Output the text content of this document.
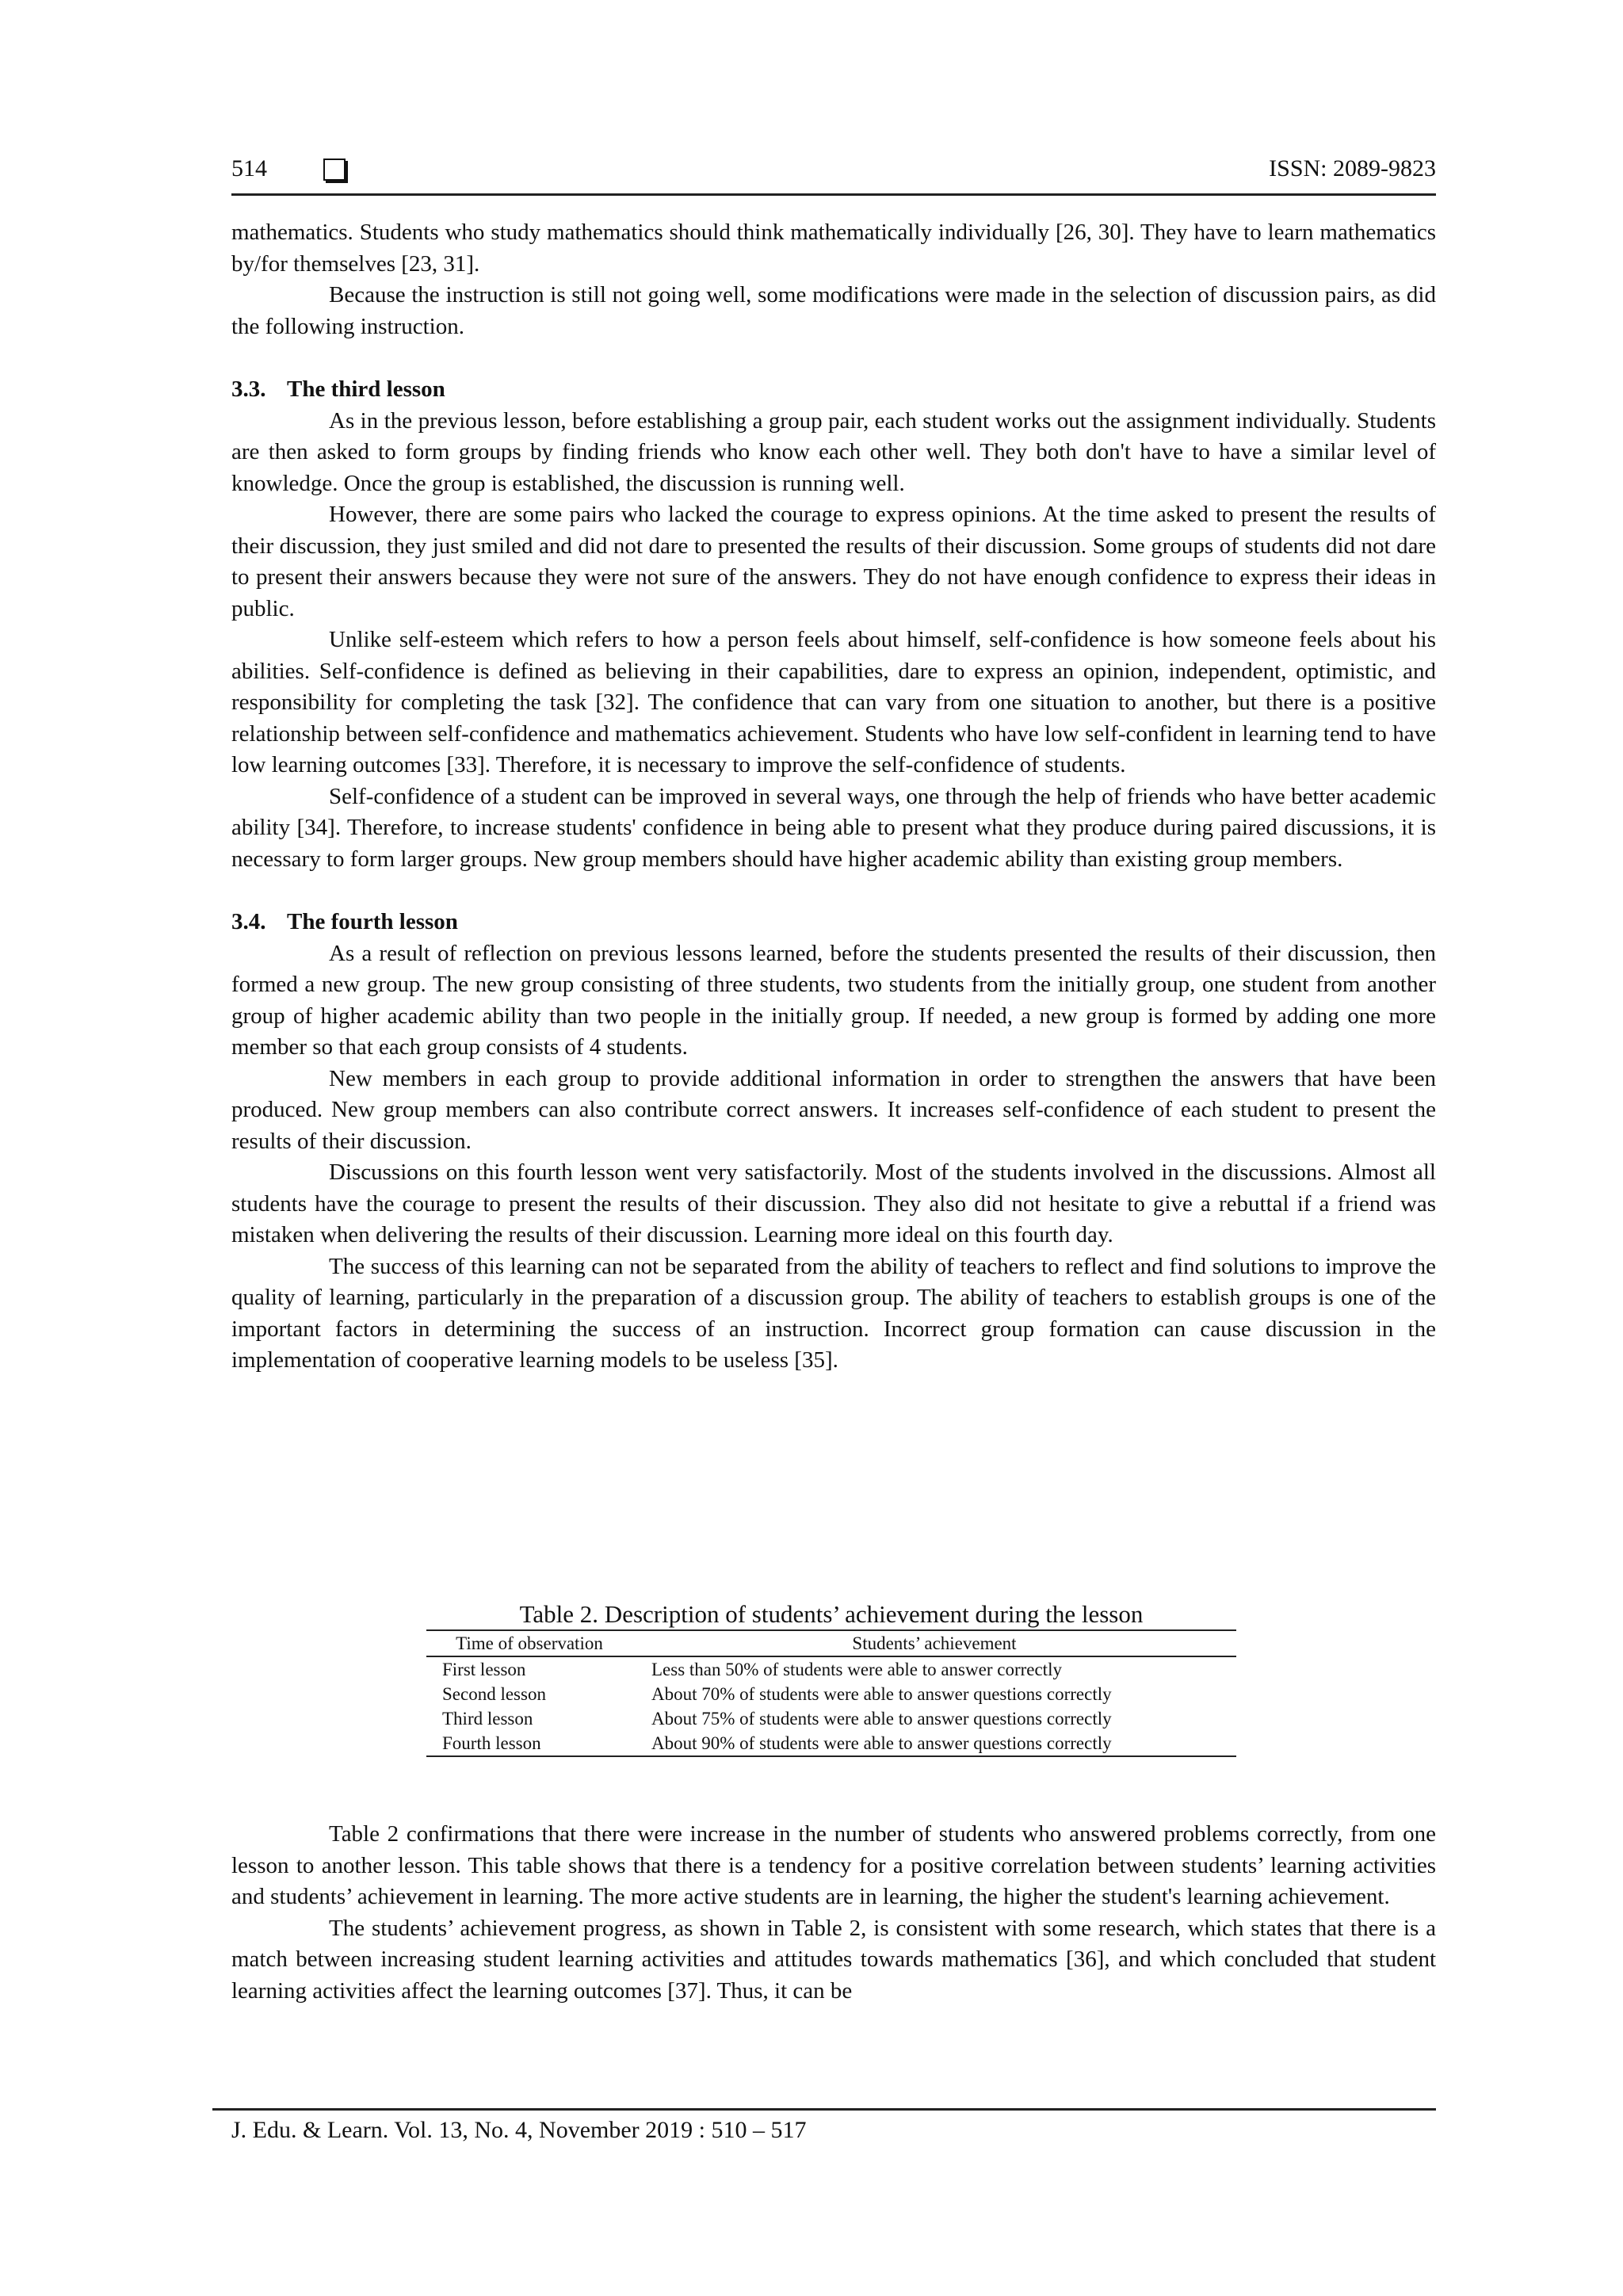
514	ISSN: 2089-9823

mathematics. Students who study mathematics should think mathematically individually [26, 30]. They have to learn mathematics by/for themselves [23, 31].

Because the instruction is still not going well, some modifications were made in the selection of discussion pairs, as did the following instruction.

3.3. The third lesson

As in the previous lesson, before establishing a group pair, each student works out the assignment individually. Students are then asked to form groups by finding friends who know each other well. They both don't have to have a similar level of knowledge. Once the group is established, the discussion is running well.

However, there are some pairs who lacked the courage to express opinions. At the time asked to present the results of their discussion, they just smiled and did not dare to presented the results of their discussion. Some groups of students did not dare to present their answers because they were not sure of the answers. They do not have enough confidence to express their ideas in public.

Unlike self-esteem which refers to how a person feels about himself, self-confidence is how someone feels about his abilities. Self-confidence is defined as believing in their capabilities, dare to express an opinion, independent, optimistic, and responsibility for completing the task [32]. The confidence that can vary from one situation to another, but there is a positive relationship between self-confidence and mathematics achievement. Students who have low self-confident in learning tend to have low learning outcomes [33]. Therefore, it is necessary to improve the self-confidence of students.

Self-confidence of a student can be improved in several ways, one through the help of friends who have better academic ability [34]. Therefore, to increase students' confidence in being able to present what they produce during paired discussions, it is necessary to form larger groups. New group members should have higher academic ability than existing group members.

3.4. The fourth lesson

As a result of reflection on previous lessons learned, before the students presented the results of their discussion, then formed a new group. The new group consisting of three students, two students from the initially group, one student from another group of higher academic ability than two people in the initially group. If needed, a new group is formed by adding one more member so that each group consists of 4 students.

New members in each group to provide additional information in order to strengthen the answers that have been produced. New group members can also contribute correct answers. It increases self-confidence of each student to present the results of their discussion.

Discussions on this fourth lesson went very satisfactorily. Most of the students involved in the discussions. Almost all students have the courage to present the results of their discussion. They also did not hesitate to give a rebuttal if a friend was mistaken when delivering the results of their discussion. Learning more ideal on this fourth day.

The success of this learning can not be separated from the ability of teachers to reflect and find solutions to improve the quality of learning, particularly in the preparation of a discussion group. The ability of teachers to establish groups is one of the important factors in determining the success of an instruction. Incorrect group formation can cause discussion in the implementation of cooperative learning models to be useless [35].

Table 2. Description of students’ achievement during the lesson

Time of observation	Students’ achievement
First lesson	Less than 50% of students were able to answer correctly
Second lesson	About 70% of students were able to answer questions correctly
Third lesson	About 75% of students were able to answer questions correctly
Fourth lesson	About 90% of students were able to answer questions correctly

Table 2 confirmations that there were increase in the number of students who answered problems correctly, from one lesson to another lesson. This table shows that there is a tendency for a positive correlation between students’ learning activities and students’ achievement in learning. The more active students are in learning, the higher the student's learning achievement.

The students’ achievement progress, as shown in Table 2, is consistent with some research, which states that there is a match between increasing student learning activities and attitudes towards mathematics [36], and which concluded that student learning activities affect the learning outcomes [37]. Thus, it can be

J. Edu. & Learn. Vol. 13, No. 4, November 2019 : 510 – 517
